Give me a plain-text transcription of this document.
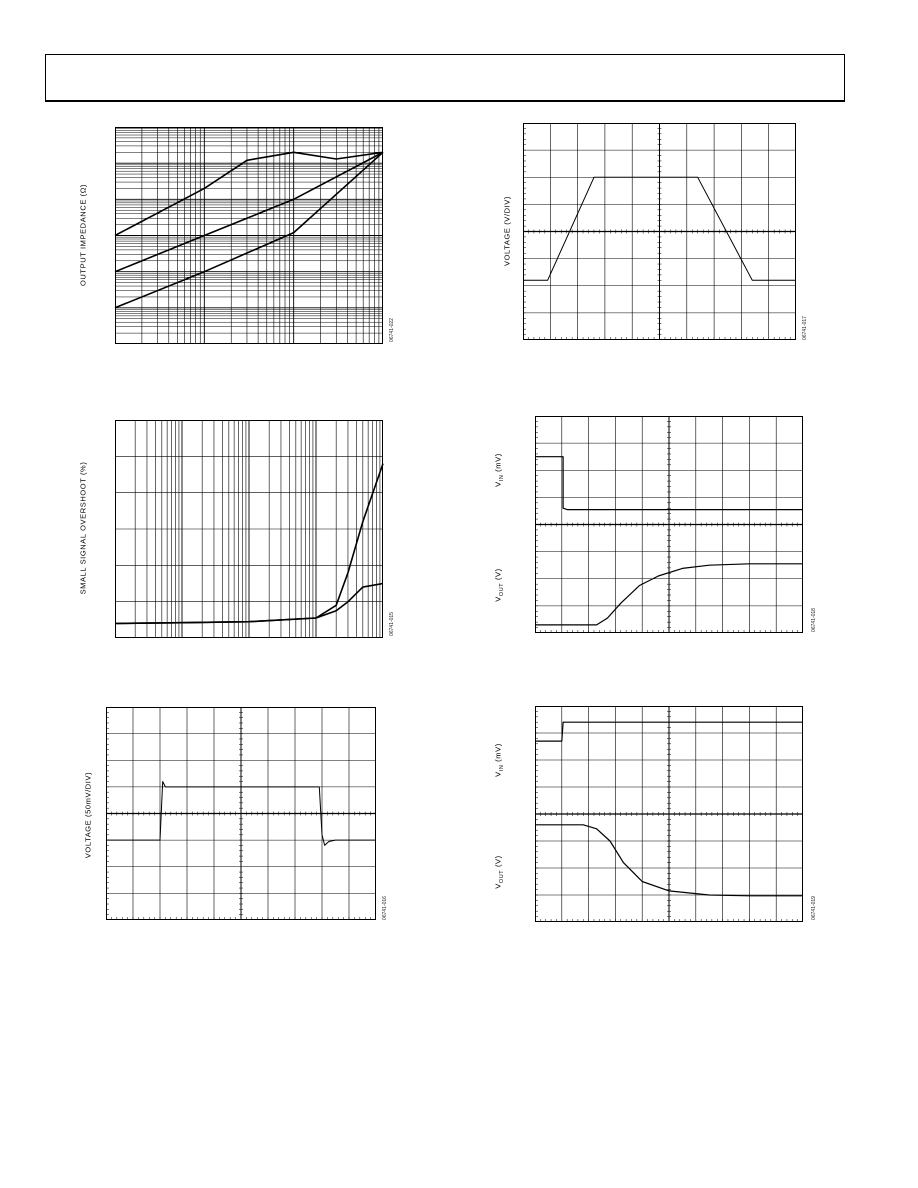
OUTPUT IMPEDANCE (Ω)
06741-022
VOLTAGE (V/DIV)
06741-017
SMALL SIGNAL OVERSHOOT (%)
06741-015
$V_{IN}$ (mV)
$V_{OUT}$ (V)
06741-018
VOLTAGE (50mV/DIV)
06741-016
$V_{IN}$ (mV)
$V_{OUT}$ (V)
06741-019
